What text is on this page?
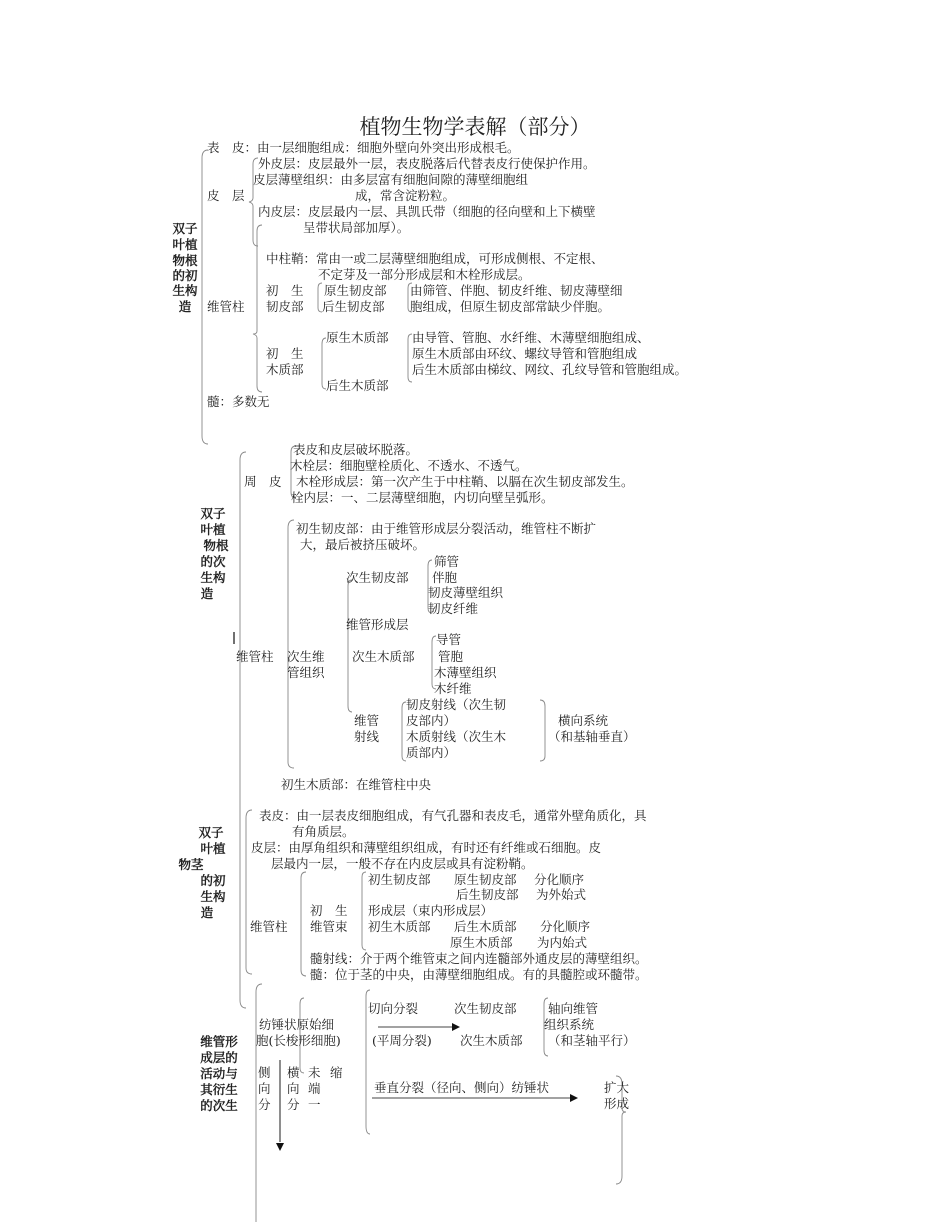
植物生物学表解（部分）
双子
叶植
物根
的初
生构
造
表　皮：由一层细胞组成：细胞外壁向外突出形成根毛。
外皮层：皮层最外一层，表皮脱落后代替表皮行使保护作用。
皮层薄壁组织：由多层富有细胞间隙的薄壁细胞组
成，常含淀粉粒。
皮　层
内皮层：皮层最内一层、具凯氏带（细胞的径向壁和上下横壁
呈带状局部加厚）。
中柱鞘：常由一或二层薄壁细胞组成，可形成侧根、不定根、
不定芽及一部分形成层和木栓形成层。
维管柱
初　生
韧皮部
原生韧皮部
后生韧皮部
由筛管、伴胞、韧皮纤维、韧皮薄壁细
胞组成，但原生韧皮部常缺少伴胞。
原生木质部
初　生
木质部
后生木质部
由导管、管胞、水纤维、木薄壁细胞组成、
原生木质部由环纹、螺纹导管和管胞组成
后生木质部由梯纹、网纹、孔纹导管和管胞组成。
髓：多数无
双子
叶植
物根
的次
生构
造
表皮和皮层破坏脱落。
木栓层：细胞壁栓质化、不透水、不透气。
周　皮 木栓形成层：第一次产生于中柱鞘、以膈在次生韧皮部发生。
栓内层：一、二层薄壁细胞，内切向壁呈弧形。
初生韧皮部：由于维管形成层分裂活动，维管柱不断扩
大，最后被挤压破坏。
筛管
次生韧皮部 伴胞
韧皮薄壁组织
韧皮纤维
维管形成层
导管
维管柱 次生维
管组织
次生木质部 管胞
木薄壁组织
木纤维
韧皮射线（次生韧
维管 皮部内）	横向系统
射线 木质射线（次生木	（和基轴垂直）
质部内）
初生木质部：在维管柱中央
双子
叶植
物茎
的初
生构
造
表皮：由一层表皮细胞组成，有气孔器和表皮毛，通常外壁角质化，具
有角质层。
皮层：由厚角组织和薄壁组织组成，有时还有纤维或石细胞。皮
层最内一层，一般不存在内皮层或具有淀粉鞘。
初生韧皮部 原生韧皮部 分化顺序
后生韧皮部 为外始式
初　生 形成层（束内形成层）
维管柱 维管束 初生木质部 后生木质部 分化顺序
原生木质部 为内始式
髓射线：介于两个维管束之间内连髓部外通皮层的薄壁组织。
髓：位于茎的中央，由薄壁细胞组成。有的具髓腔或环髓带。
维管形
成层的
活动与
其衍生
的次生
纺锤状原始细
胞(长梭形细胞)
切向分裂
(平周分裂)
次生韧皮部
次生木质部
轴向维管
组织系统
（和茎轴平行）
侧
向
分
横
向
分
未
端
一
缩
垂直分裂（径向、侧向）纺锤状	扩大
形成
